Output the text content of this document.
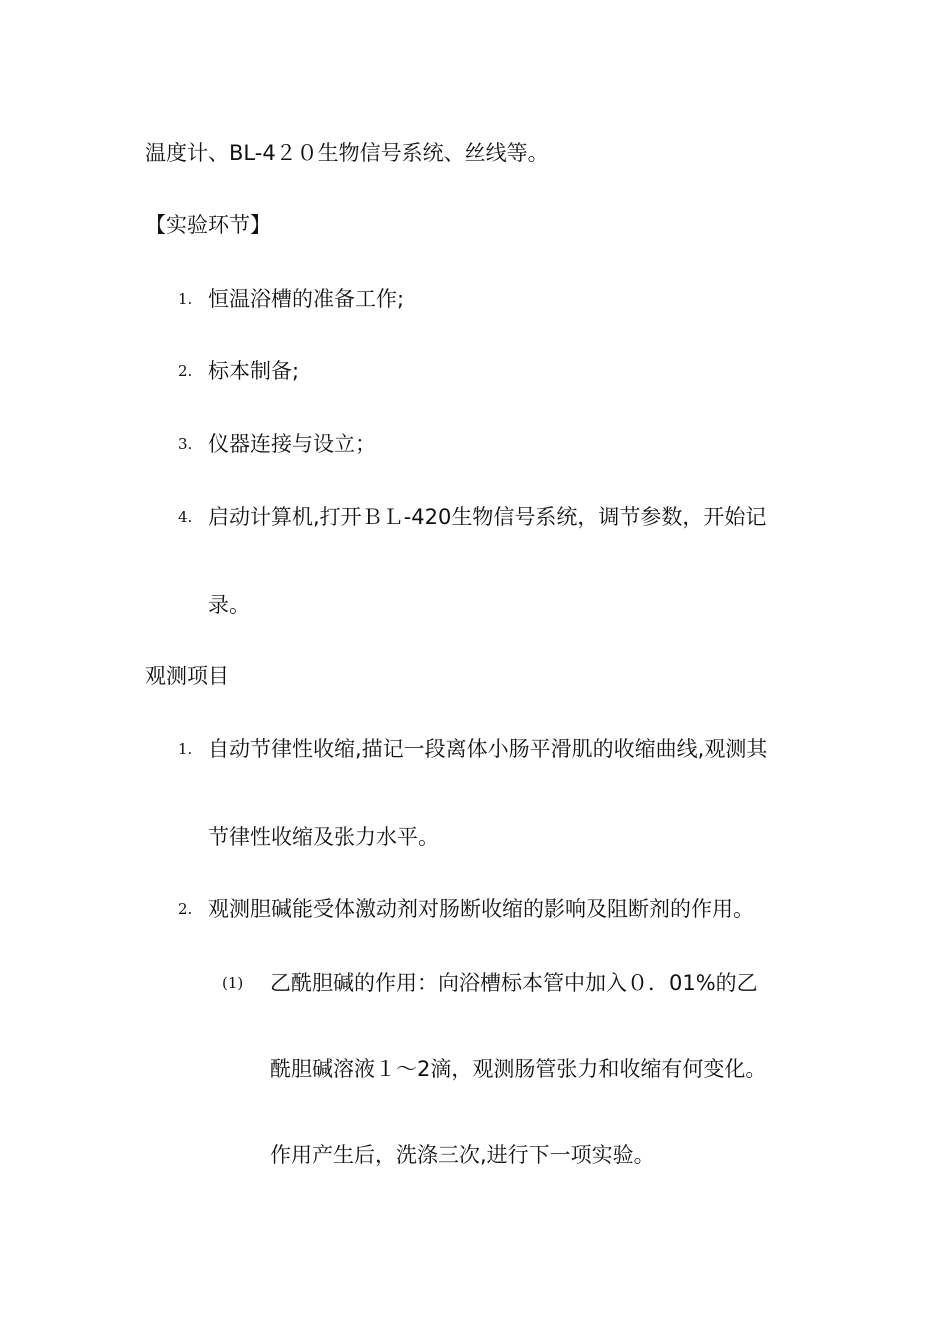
温度计、BL-4２０生物信号系统、丝线等。
【实验环节】
1. 恒温浴槽的准备工作;
2. 标本制备;
3. 仪器连接与设立；
4. 启动计算机,打开ＢＬ-420生物信号系统，调节参数，开始记
录。
观测项目
1. 自动节律性收缩,描记一段离体小肠平滑肌的收缩曲线,观测其
节律性收缩及张力水平。
2. 观测胆碱能受体激动剂对肠断收缩的影响及阻断剂的作用。
(1) 乙酰胆碱的作用：向浴槽标本管中加入０．01%的乙
酰胆碱溶液１～2滴，观测肠管张力和收缩有何变化。
作用产生后，洗涤三次,进行下一项实验。
